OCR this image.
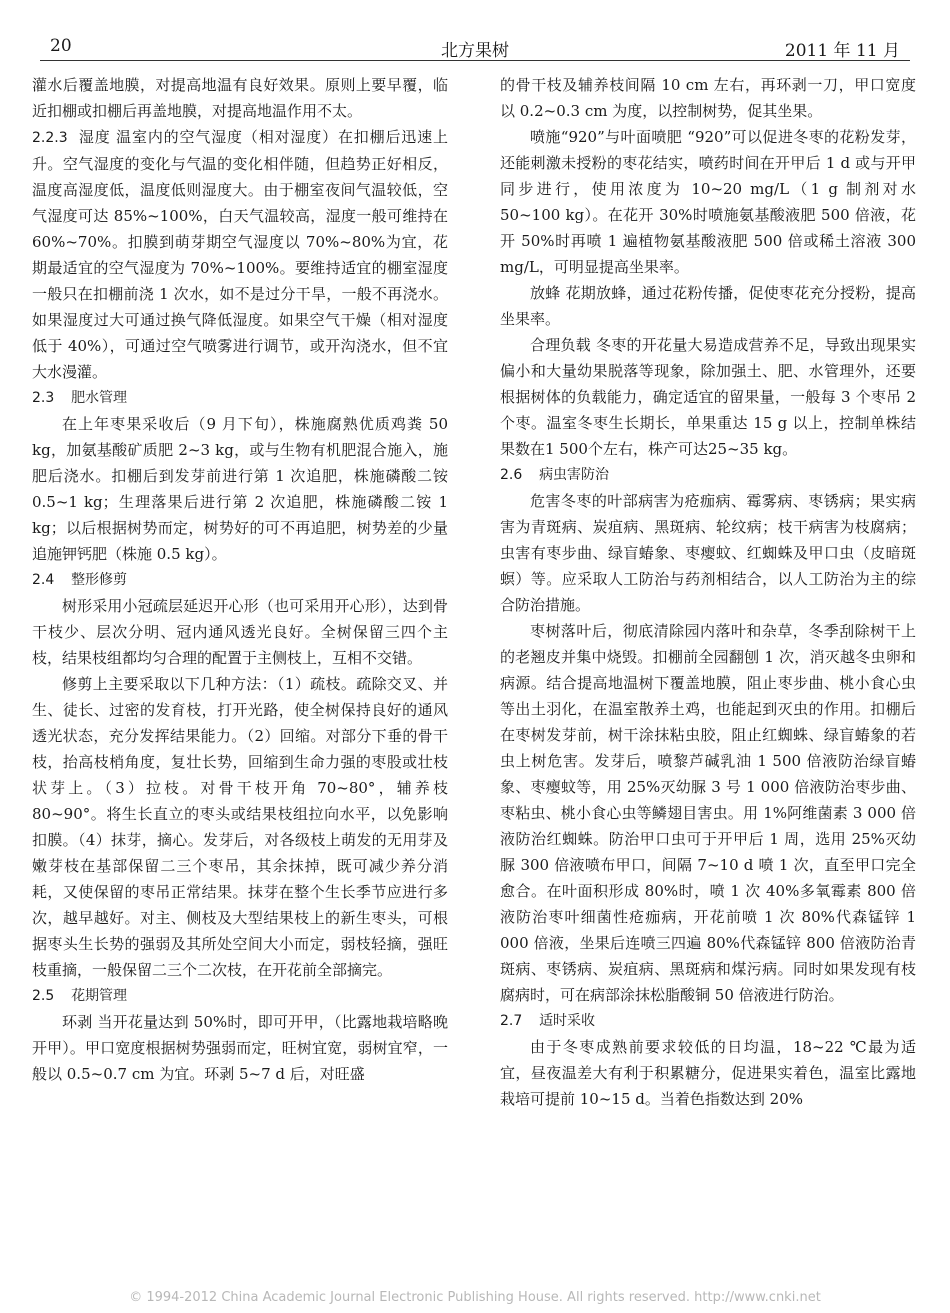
20	北方果树	2011 年 11 月

灌水后覆盖地膜，对提高地温有良好效果。原则上要早覆，临近扣棚或扣棚后再盖地膜，对提高地温作用不太。

2.2.3 湿度 温室内的空气湿度（相对湿度）在扣棚后迅速上升。空气湿度的变化与气温的变化相伴随，但趋势正好相反，温度高湿度低，温度低则湿度大。由于棚室夜间气温较低，空气湿度可达 85%~100%，白天气温较高，湿度一般可维持在 60%~70%。扣膜到萌芽期空气湿度以 70%~80%为宜，花期最适宜的空气湿度为 70%~100%。要维持适宜的棚室湿度一般只在扣棚前浇 1 次水，如不是过分干旱，一般不再浇水。如果湿度过大可通过换气降低湿度。如果空气干燥（相对湿度低于 40%），可通过空气喷雾进行调节，或开沟浇水，但不宜大水漫灌。

2.3 肥水管理

在上年枣果采收后（9 月下旬），株施腐熟优质鸡粪 50 kg，加氨基酸矿质肥 2~3 kg，或与生物有机肥混合施入，施肥后浇水。扣棚后到发芽前进行第 1 次追肥，株施磷酸二铵 0.5~1 kg；生理落果后进行第 2 次追肥，株施磷酸二铵 1 kg；以后根据树势而定，树势好的可不再追肥，树势差的少量追施钾钙肥（株施 0.5 kg）。

2.4 整形修剪

树形采用小冠疏层延迟开心形（也可采用开心形），达到骨干枝少、层次分明、冠内通风透光良好。全树保留三四个主枝，结果枝组都均匀合理的配置于主侧枝上，互相不交错。

修剪上主要采取以下几种方法：（1）疏枝。疏除交叉、并生、徒长、过密的发育枝，打开光路，使全树保持良好的通风透光状态，充分发挥结果能力。（2）回缩。对部分下垂的骨干枝，抬高枝梢角度，复壮长势，回缩到生命力强的枣股或壮枝状芽上。（3）拉枝。对骨干枝开角 70~80°，辅养枝 80~90°。将生长直立的枣头或结果枝组拉向水平，以免影响扣膜。（4）抹芽，摘心。发芽后，对各级枝上萌发的无用芽及嫩芽枝在基部保留二三个枣吊，其余抹掉，既可减少养分消耗，又使保留的枣吊正常结果。抹芽在整个生长季节应进行多次，越早越好。对主、侧枝及大型结果枝上的新生枣头，可根据枣头生长势的强弱及其所处空间大小而定，弱枝轻摘，强旺枝重摘，一般保留二三个二次枝，在开花前全部摘完。

2.5 花期管理

环剥 当开花量达到 50%时，即可开甲，（比露地栽培略晚开甲）。甲口宽度根据树势强弱而定，旺树宜宽，弱树宜窄，一般以 0.5~0.7 cm 为宜。环剥 5~7 d 后，对旺盛

的骨干枝及辅养枝间隔 10 cm 左右，再环剥一刀，甲口宽度以 0.2~0.3 cm 为度，以控制树势，促其坐果。

喷施“920”与叶面喷肥 “920”可以促进冬枣的花粉发芽，还能刺激未授粉的枣花结实，喷药时间在开甲后 1 d 或与开甲同步进行，使用浓度为 10~20 mg/L（1 g 制剂对水 50~100 kg）。在花开 30%时喷施氨基酸液肥 500 倍液，花开 50%时再喷 1 遍植物氨基酸液肥 500 倍或稀土溶液 300 mg/L，可明显提高坐果率。

放蜂 花期放蜂，通过花粉传播，促使枣花充分授粉，提高坐果率。

合理负载 冬枣的开花量大易造成营养不足，导致出现果实偏小和大量幼果脱落等现象，除加强土、肥、水管理外，还要根据树体的负载能力，确定适宜的留果量，一般每 3 个枣吊 2 个枣。温室冬枣生长期长，单果重达 15 g 以上，控制单株结果数在1 500个左右，株产可达25~35 kg。

2.6 病虫害防治

危害冬枣的叶部病害为疮痂病、霉雾病、枣锈病；果实病害为青斑病、炭疽病、黑斑病、轮纹病；枝干病害为枝腐病；虫害有枣步曲、绿盲蝽象、枣瘿蚊、红蜘蛛及甲口虫（皮暗斑螟）等。应采取人工防治与药剂相结合，以人工防治为主的综合防治措施。

枣树落叶后，彻底清除园内落叶和杂草，冬季刮除树干上的老翘皮并集中烧毁。扣棚前全园翻刨 1 次，消灭越冬虫卵和病源。结合提高地温树下覆盖地膜，阻止枣步曲、桃小食心虫等出土羽化，在温室散养土鸡，也能起到灭虫的作用。扣棚后在枣树发芽前，树干涂抹粘虫胶，阻止红蜘蛛、绿盲蝽象的若虫上树危害。发芽后，喷黎芦碱乳油 1 500 倍液防治绿盲蝽象、枣瘿蚊等，用 25%灭幼脲 3 号 1 000 倍液防治枣步曲、枣粘虫、桃小食心虫等鳞翅目害虫。用 1%阿维菌素 3 000 倍液防治红蜘蛛。防治甲口虫可于开甲后 1 周，选用 25%灭幼脲 300 倍液喷布甲口，间隔 7~10 d 喷 1 次，直至甲口完全愈合。在叶面积形成 80%时，喷 1 次 40%多氧霉素 800 倍液防治枣叶细菌性疮痂病，开花前喷 1 次 80%代森锰锌 1 000 倍液，坐果后连喷三四遍 80%代森锰锌 800 倍液防治青斑病、枣锈病、炭疽病、黑斑病和煤污病。同时如果发现有枝腐病时，可在病部涂抹松脂酸铜 50 倍液进行防治。

2.7 适时采收

由于冬枣成熟前要求较低的日均温，18~22 ℃最为适宜，昼夜温差大有利于积累糖分，促进果实着色，温室比露地栽培可提前 10~15 d。当着色指数达到 20%

© 1994-2012 China Academic Journal Electronic Publishing House. All rights reserved. http://www.cnki.net
